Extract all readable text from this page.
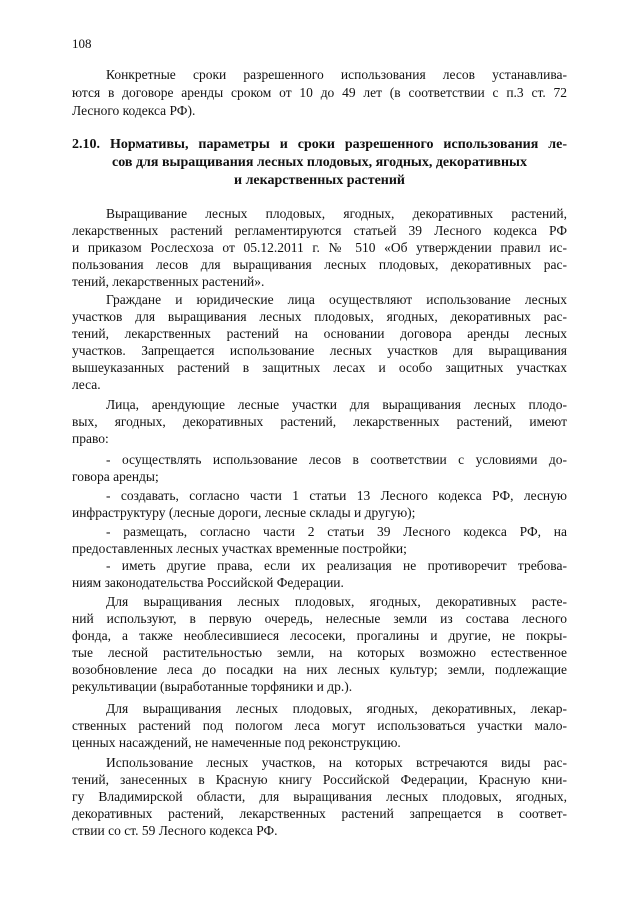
108
Конкретные сроки разрешенного использования лесов устанавлива-
ются в договоре аренды сроком от 10 до 49 лет (в соответствии с п.3 ст. 72
Лесного кодекса РФ).
2.10. Нормативы, параметры и сроки разрешенного использования ле-
сов для выращивания лесных плодовых, ягодных, декоративных
и лекарственных растений
Выращивание лесных плодовых, ягодных, декоративных растений,
лекарственных растений регламентируются статьей 39 Лесного кодекса РФ
и приказом Рослесхоза от 05.12.2011 г. № 510 «Об утверждении правил ис-
пользования лесов для выращивания лесных плодовых, декоративных рас-
тений, лекарственных растений».
Граждане и юридические лица осуществляют использование лесных
участков для выращивания лесных плодовых, ягодных, декоративных рас-
тений, лекарственных растений на основании договора аренды лесных
участков. Запрещается использование лесных участков для выращивания
вышеуказанных растений в защитных лесах и особо защитных участках
леса.
Лица, арендующие лесные участки для выращивания лесных плодо-
вых, ягодных, декоративных растений, лекарственных растений, имеют
право:
- осуществлять использование лесов в соответствии с условиями до-
говора аренды;
- создавать, согласно части 1 статьи 13 Лесного кодекса РФ, лесную
инфраструктуру (лесные дороги, лесные склады и другую);
- размещать, согласно части 2 статьи 39 Лесного кодекса РФ, на
предоставленных лесных участках временные постройки;
- иметь другие права, если их реализация не противоречит требова-
ниям законодательства Российской Федерации.
Для выращивания лесных плодовых, ягодных, декоративных расте-
ний используют, в первую очередь, нелесные земли из состава лесного
фонда, а также необлесившиеся лесосеки, прогалины и другие, не покры-
тые лесной растительностью земли, на которых возможно естественное
возобновление леса до посадки на них лесных культур; земли, подлежащие
рекультивации (выработанные торфяники и др.).
Для выращивания лесных плодовых, ягодных, декоративных, лекар-
ственных растений под пологом леса могут использоваться участки мало-
ценных насаждений, не намеченные под реконструкцию.
Использование лесных участков, на которых встречаются виды рас-
тений, занесенных в Красную книгу Российской Федерации, Красную кни-
гу Владимирской области, для выращивания лесных плодовых, ягодных,
декоративных растений, лекарственных растений запрещается в соответ-
ствии со ст. 59 Лесного кодекса РФ.
